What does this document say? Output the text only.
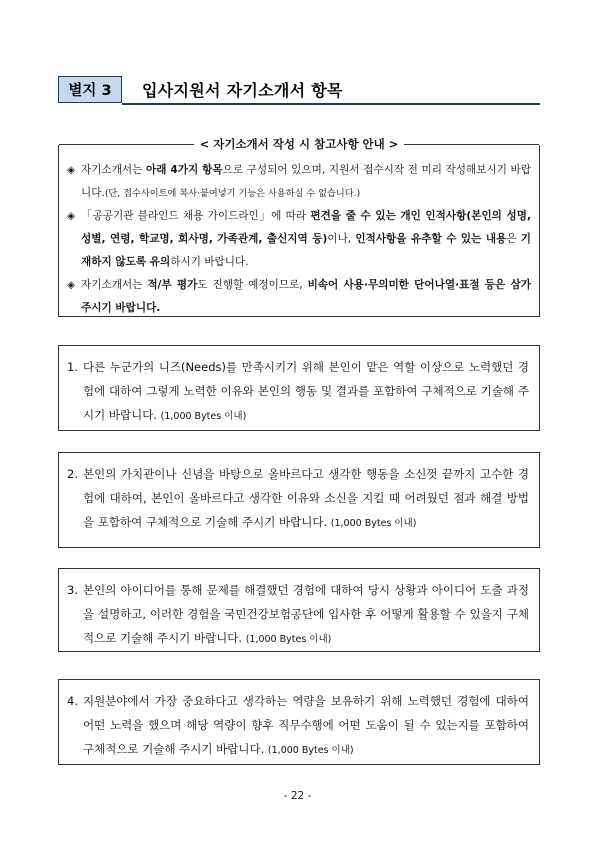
별지 3	입사지원서 자기소개서 항목
< 자기소개서 작성 시 참고사항 안내 >
◈ 자기소개서는 아래 4가지 항목으로 구성되어 있으며, 지원서 접수시작 전 미리 작성해보시기 바랍니다.(단, 접수사이트에 복사·붙여넣기 기능은 사용하실 수 없습니다.)
◈ 「공공기관 블라인드 채용 가이드라인」에 따라 편견을 줄 수 있는 개인 인적사항(본인의 성명, 성별, 연령, 학교명, 회사명, 가족관계, 출신지역 등)이나, 인적사항을 유추할 수 있는 내용은 기재하지 않도록 유의하시기 바랍니다.
◈ 자기소개서는 적/부 평가도 진행할 예정이므로, 비속어 사용·무의미한 단어나열·표절 등은 삼가 주시기 바랍니다.
1. 다른 누군가의 니즈(Needs)를 만족시키기 위해 본인이 맡은 역할 이상으로 노력했던 경험에 대하여 그렇게 노력한 이유와 본인의 행동 및 결과를 포함하여 구체적으로 기술해 주시기 바랍니다. (1,000 Bytes 이내)
2. 본인의 가치관이나 신념을 바탕으로 올바르다고 생각한 행동을 소신껏 끝까지 고수한 경험에 대하여, 본인이 올바르다고 생각한 이유와 소신을 지킬 때 어려웠던 점과 해결 방법을 포함하여 구체적으로 기술해 주시기 바랍니다. (1,000 Bytes 이내)
3. 본인의 아이디어를 통해 문제를 해결했던 경험에 대하여 당시 상황과 아이디어 도출 과정을 설명하고, 이러한 경험을 국민건강보험공단에 입사한 후 어떻게 활용할 수 있을지 구체적으로 기술해 주시기 바랍니다. (1,000 Bytes 이내)
4. 지원분야에서 가장 중요하다고 생각하는 역량을 보유하기 위해 노력했던 경험에 대하여 어떤 노력을 했으며 해당 역량이 향후 직무수행에 어떤 도움이 될 수 있는지를 포함하여 구체적으로 기술해 주시기 바랍니다. (1,000 Bytes 이내)
- 22 -
